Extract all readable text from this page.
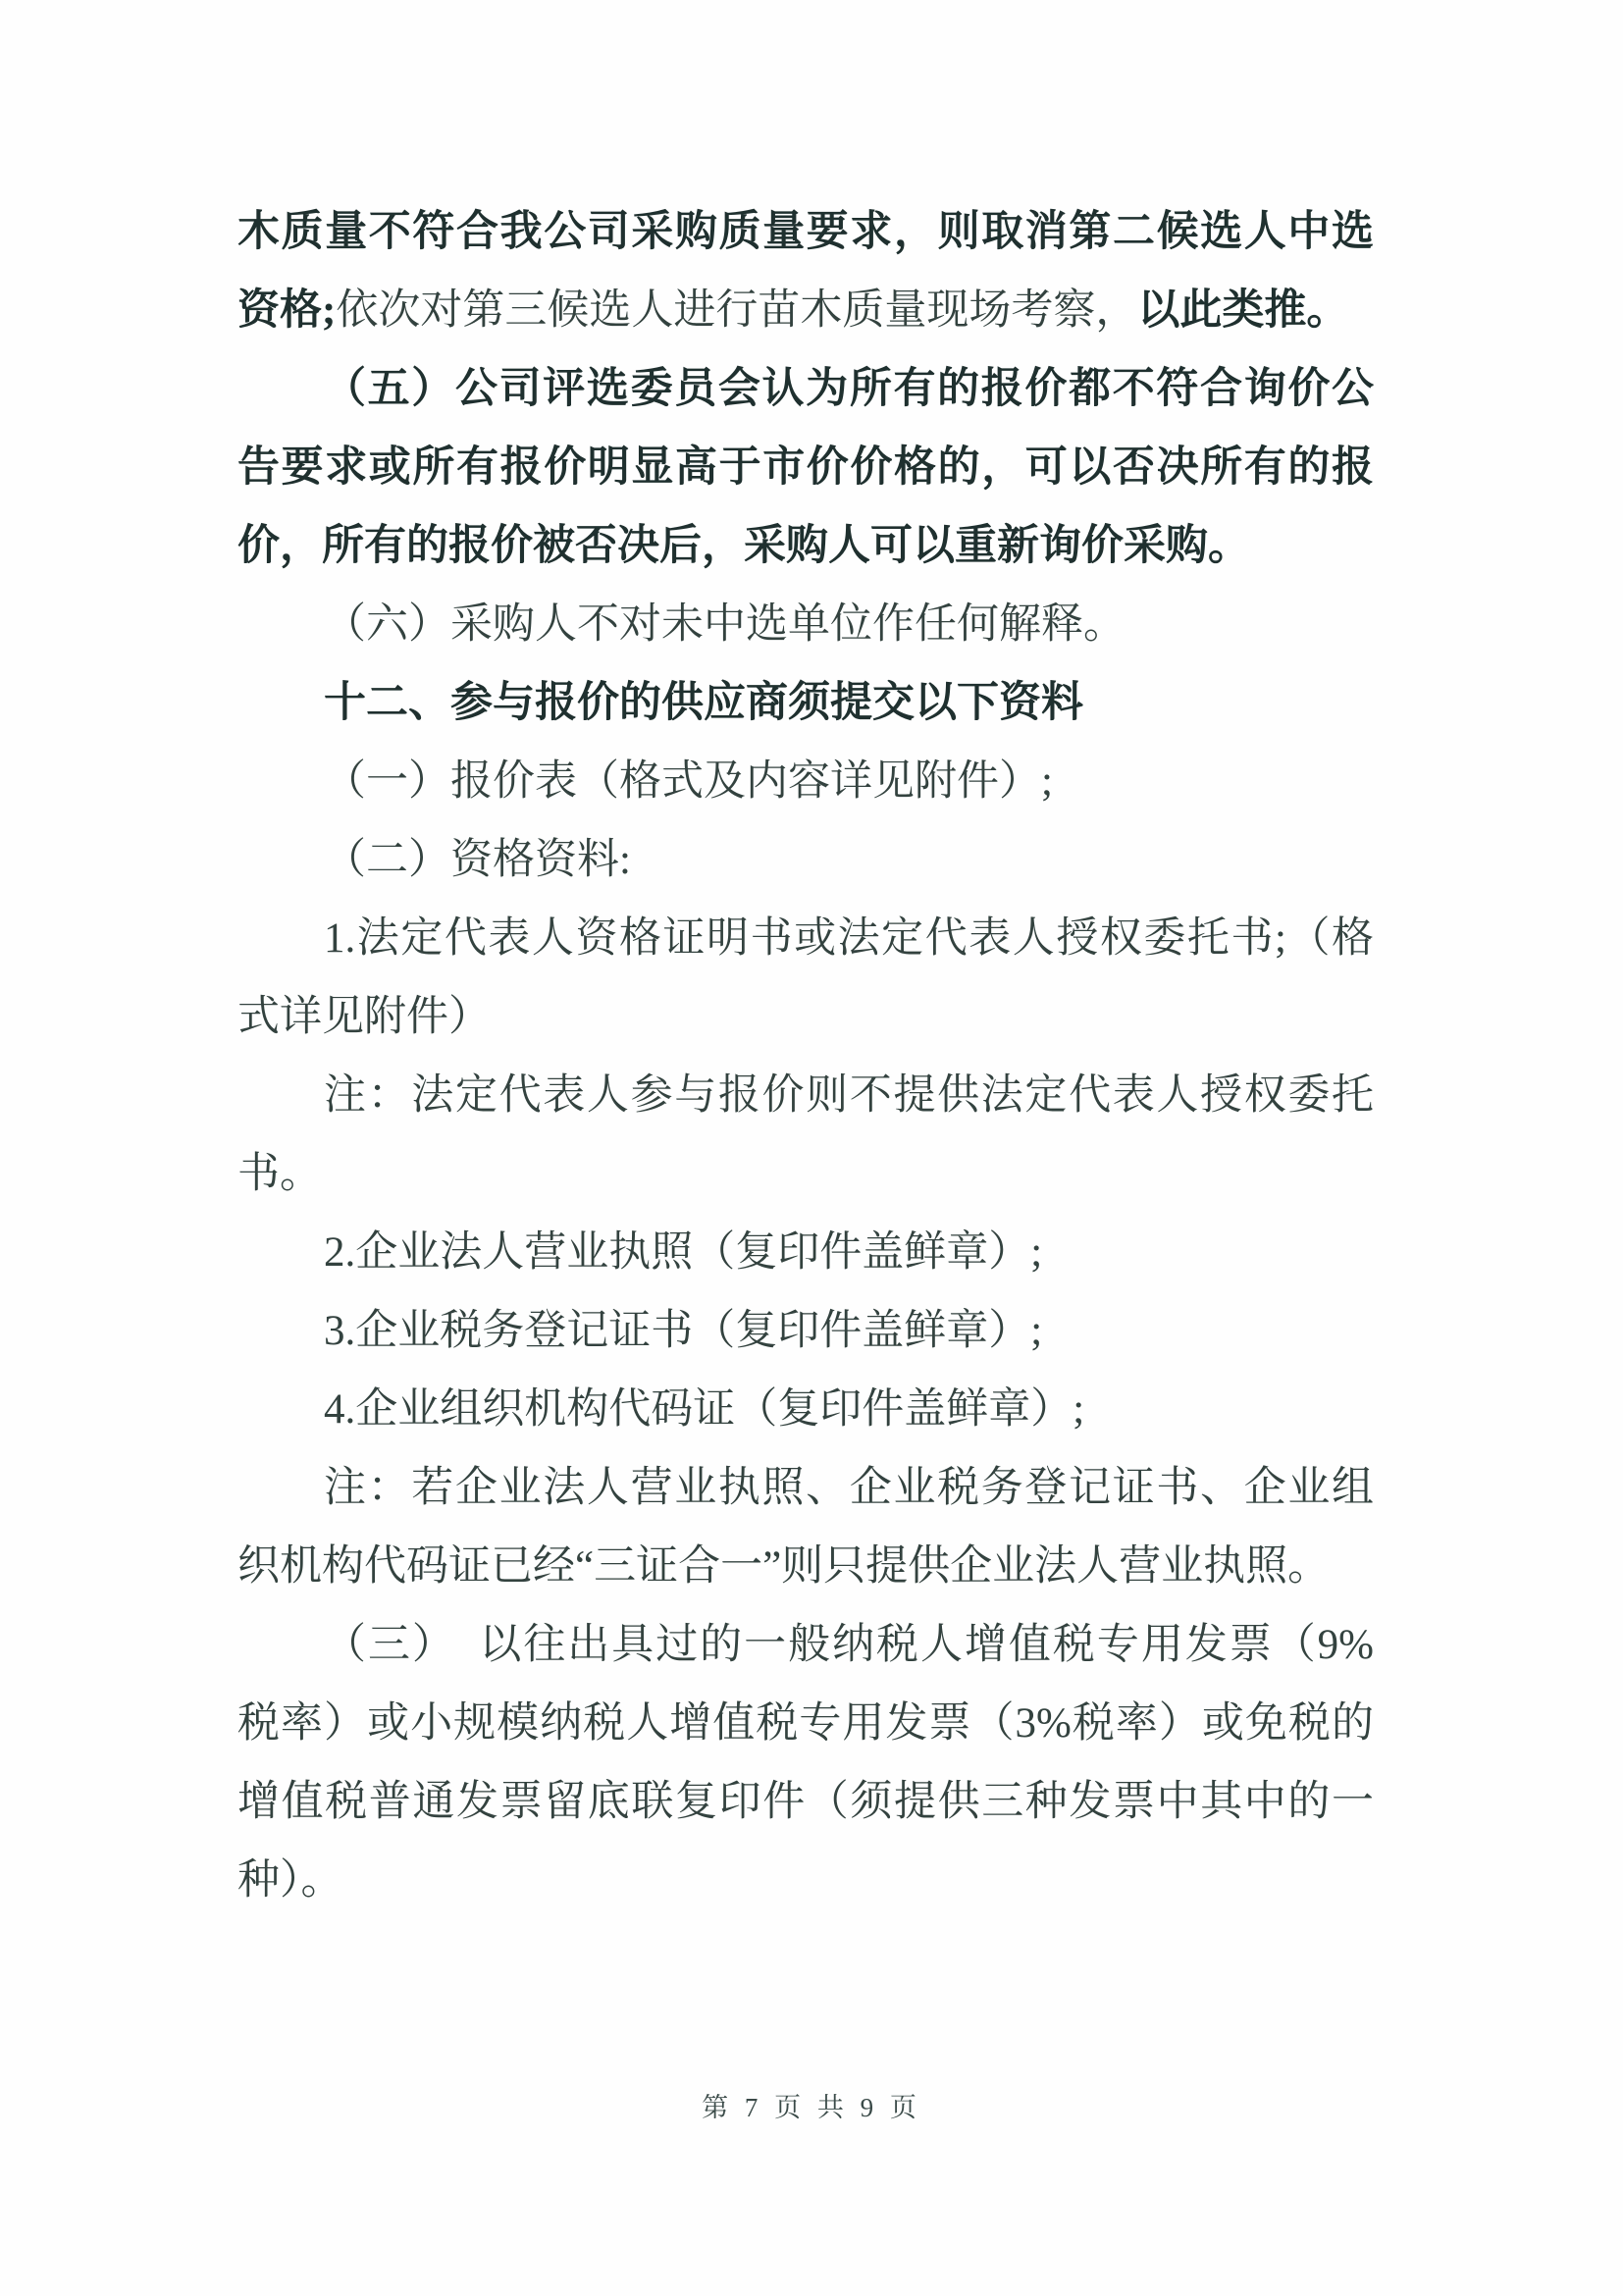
木质量不符合我公司采购质量要求，则取消第二候选人中选
资格;依次对第三候选人进行苗木质量现场考察，以此类推。
（五）公司评选委员会认为所有的报价都不符合询价公
告要求或所有报价明显高于市价价格的，可以否决所有的报
价，所有的报价被否决后，采购人可以重新询价采购。
（六）采购人不对未中选单位作任何解释。
十二、参与报价的供应商须提交以下资料
（一）报价表（格式及内容详见附件）;
（二）资格资料:
1.法定代表人资格证明书或法定代表人授权委托书;（格
式详见附件）
注：法定代表人参与报价则不提供法定代表人授权委托
书。
2.企业法人营业执照（复印件盖鲜章）;
3.企业税务登记证书（复印件盖鲜章）;
4.企业组织机构代码证（复印件盖鲜章）;
注：若企业法人营业执照、企业税务登记证书、企业组
织机构代码证已经“三证合一”则只提供企业法人营业执照。
（三）　以往出具过的一般纳税人增值税专用发票（9%
税率）或小规模纳税人增值税专用发票（3%税率）或免税的
增值税普通发票留底联复印件（须提供三种发票中其中的一
种）。
第 7 页 共 9 页
